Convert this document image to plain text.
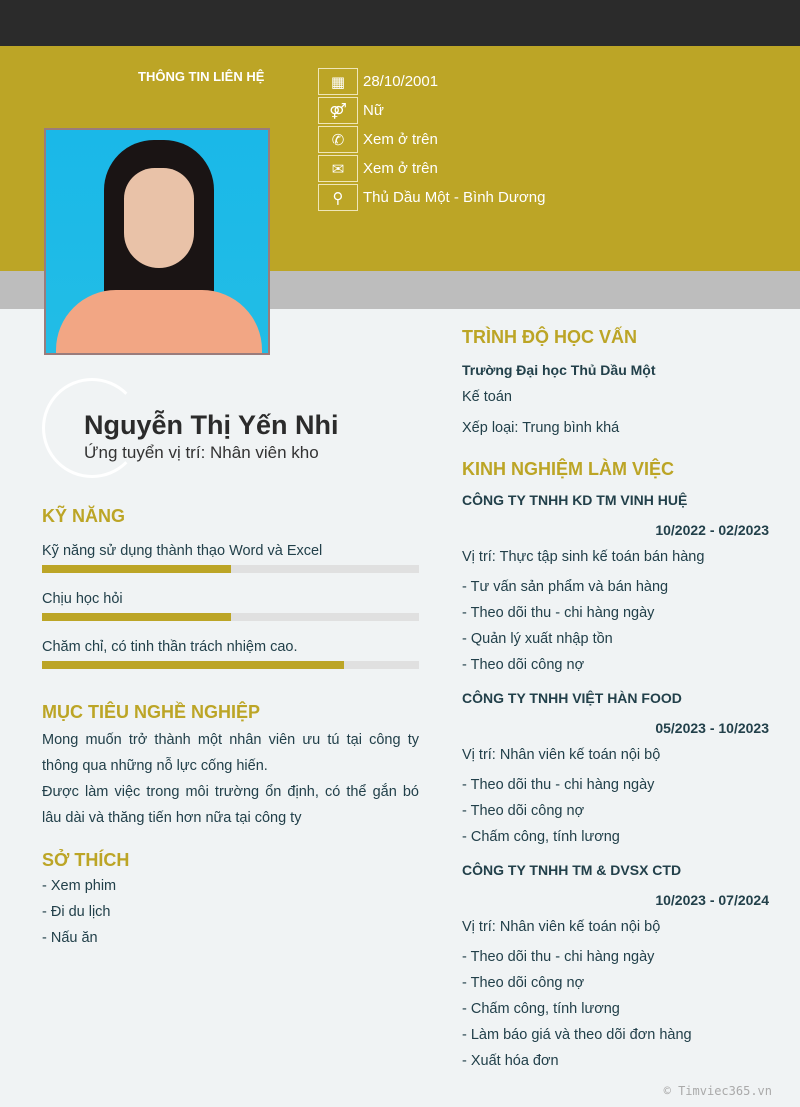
THÔNG TIN LIÊN HỆ	▦	28/10/2001
⚤	Nữ
✆	Xem ở trên
✉	Xem ở trên
⚲	Thủ Dầu Một - Bình Dương
Nguyễn Thị Yến Nhi
Ứng tuyển vị trí: Nhân viên kho
KỸ NĂNG
Kỹ năng sử dụng thành thạo Word và Excel
Chịu học hỏi
Chăm chỉ, có tinh thần trách nhiệm cao.
MỤC TIÊU NGHỀ NGHIỆP
Mong muốn trở thành một nhân viên ưu tú tại công ty thông qua những nỗ lực cống hiến.
Được làm việc trong môi trường ổn định, có thể gắn bó lâu dài và thăng tiến hơn nữa tại công ty
SỞ THÍCH
- Xem phim
- Đi du lịch
- Nấu ăn
TRÌNH ĐỘ HỌC VẤN
Trường Đại học Thủ Dầu Một
Kế toán
Xếp loại: Trung bình khá
KINH NGHIỆM LÀM VIỆC
CÔNG TY TNHH KD TM VINH HUỆ
10/2022 - 02/2023
Vị trí: Thực tập sinh kế toán bán hàng
- Tư vấn sản phẩm và bán hàng
- Theo dõi thu - chi hàng ngày
- Quản lý xuất nhập tồn
- Theo dõi công nợ
CÔNG TY TNHH VIỆT HÀN FOOD
05/2023 - 10/2023
Vị trí: Nhân viên kế toán nội bộ
- Theo dõi thu - chi hàng ngày
- Theo dõi công nợ
- Chấm công, tính lương
CÔNG TY TNHH TM & DVSX CTD
10/2023 - 07/2024
Vị trí: Nhân viên kế toán nội bộ
- Theo dõi thu - chi hàng ngày
- Theo dõi công nợ
- Chấm công, tính lương
- Làm báo giá và theo dõi đơn hàng
- Xuất hóa đơn
© Timviec365.vn
